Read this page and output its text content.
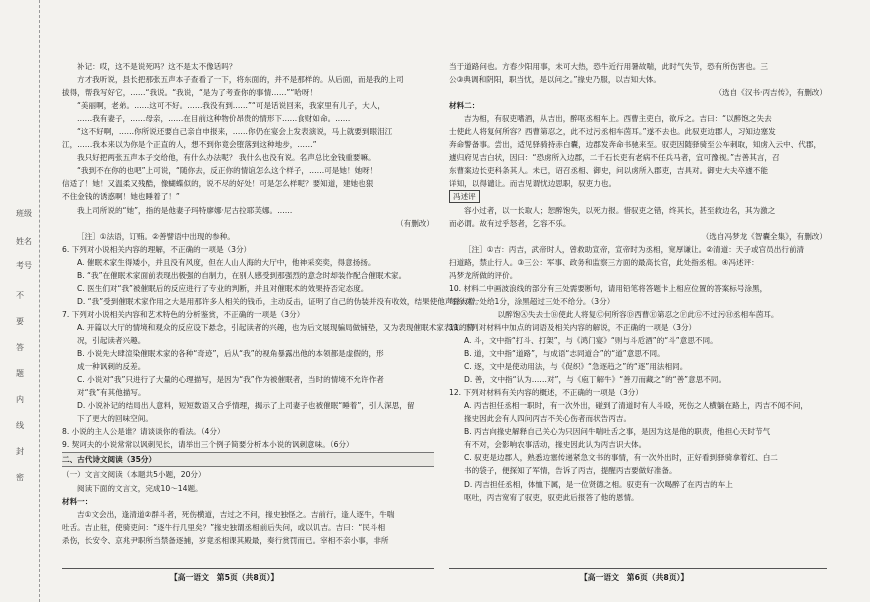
班级
姓名
考号
不
要
答
题
内
线
封
密
补记：哎，这不是说死吗？这不是太不像话吗？
方才我听说，县长把那张五声本子查看了一下，将东面的，并不是那样的。从后面，而是我的上司
拔得，帮我写好它，……“我说。“我说，“是为了考查你的事情……”“哈呀！
“美丽啊，老弟。……这可不好。……我没有到……”“可是话说回来，我家里有儿子，大人，
……我有妻子，……母亲，……在目前这种物价昂贵的情形下……食财如命。……
“这不好啊，……你所说还要自己亲自申报来，……你仍在宴会上发表演说，马上就要到眼泪江
江，……我本来以为你是个正直的人，想不到你竟会堕落到这种地步，……”
我只好把两张五声本子交给他，有什么办法呢？ 我什么也没有说。名声总比金钱重要嘛。
“我到不在你的也吧”上可说，“随你去，反正你的情谊怎么这个样子，……可是她！她呀！
信适了！她！又温柔又残酷，像蝴蝶似的，说不尽的好处！可是怎么样呢？要知道，建她也狠
不住金钱的诱惑啊！她也睡着了！”
我上司所说的“她”，指的是他妻子玛特廖娜·尼古拉耶芙娜。……
（有删改）
［注］①法语，订贿。②善譬语中出现的参种。
6. 下列对小说相关内容的理解，不正确的一项是（3分）
A. 催眠术家生得矮小，并且没有风度，但在人山人海的大厅中，他神采奕奕，得意扬扬。
B. “我”在催眠术家面前表现出极强的自制力，在别人感受到那强烈的意念时却装作配合催眠术家。
C. 医生们对“我”被催眠后的反应进行了专业的判断，并且对催眠术的效果持否定态度。
D. “我”受到催眠术家作用之大是用那许多人相关的钱币，主动反击，证明了自己的伪装并没有收效，结果使他声誉大增。
7. 下列对小说相关内容和艺术特色的分析鉴赏，不正确的一项是（3分）
A. 开篇以大厅的情境和观众的反应设下悬念，引起读者的兴趣，也为后文展现骗局做铺垫，又为表现催眠术家表演的情
况，引起读者兴趣。
B. 小说先大肆渲染催眠术家的各种“奇迹”，后从“我”的视角暴露出他的本领都是虚假的，形
成一种讽刺的反差。
C. 小说对“我”只进行了大量的心理描写，是因为“我”作为被催眠者，当时的情境不允许作者
对“我”有其他描写。
D. 小说补记的结局出人意料，短短数语又合乎情理，揭示了上司妻子也被催眠“睡着”，引人深思，留
下了更大的回味空间。
8. 小说的主人公是谁？请谈谈你的看法。（4分）
9. 契诃夫的小说常常以讽刺见长，请举出三个例子简要分析本小说的讽刺意味。（6分）
二、古代诗文阅读（35分）
（一）文言文阅读（本题共5小题，20分）
阅读下面的文言文，完成10～14题。
材料一：
吉①文会出，逢清道②群斗者，死伤横道，吉过之不问，掾史独怪之。吉前行，逢人逐牛，牛喘
吐舌。吉止驻，使骑吏问：“逐牛行几里矣？”掾史独谓丞相前后失问，或以讥吉。吉曰：“民斗相
杀伤，长安令、京兆尹职所当禁备逐捕，岁竟丞相课其殿最，奏行赏罚而已。宰相不亲小事，非所
当于道路问也。方春少阳用事，未可大热，恐牛近行用暑故喘，此时气失节，恐有所伤害也。三
公③典调和阴阳，职当忧，是以问之。”掾史乃服，以吉知大体。
（选自《汉书·丙吉传》，有删改）
材料二：
吉为相，有驭吏嗜酒，从吉出，醉呕丞相车上。西曹主吏白，欲斥之。吉曰：“以醉饱之失去
士使此人将复何所容？西曹第忍之，此不过污丞相车茵耳。”遂不去也。此驭吏边郡人，习知边塞发
奔命警备事。尝出，适见驿骑持赤白囊，边郡发奔命书驰来至。驭吏因随驿骑至公车刺取，知虏入云中、代郡，
遽归府见吉白状，因曰：“恐虏所入边郡，二千石长吏有老病不任兵马者，宜可豫视。”吉善其言，召
东曹案边长吏科条其人。未已，诏召丞相、御史，问以虏所入郡吏，吉具对。御史大夫卒遽不能
详知，以得谴让。而吉见谓忧边思职，驭吏力也。
冯述评
容小过者，以一长取人；恕醉饱失，以死力报。惜驭吏之错，终其长，甚至救边名，其为激之
而必谓。故有过乎怒者，乞容不乐。
（选自冯梦龙《智囊全集》，有删改）
［注］①吉：丙吉，武帝时人，曾救助宣帝，宣帝时为丞相，宽厚谦让。②清道：天子或官员出行前清
扫道路，禁止行人。③三公：军事、政务和监察三方面的最高长官，此处指丞相。④冯述评：
冯梦龙所做的评价。
10. 材料二中画波浪线的部分有三处需要断句，请用铅笔将答题卡上相应位置的答案标号涂黑，
每涂对一处给1分，涂黑超过三处不给分。（3分）
以醉饱Ⓐ失去士Ⓑ使此人将复Ⓒ何所容Ⓓ西曹Ⓔ第忍之Ⓕ此Ⓖ不过污Ⓗ丞相车茵耳。
11. 下列对材料中加点的词语及相关内容的解说，不正确的一项是（3分）
A. 斗，文中指“打斗、打架”，与《鸿门宴》“则与斗卮酒”的“斗”意思不同。
B. 道，文中指“道路”，与成语“志同道合”的“道”意思不同。
C. 逐，文中是使动用法，与《促织》“急逐趋之”的“逐”用法相同。
D. 善，文中指“认为……对”，与《庖丁解牛》“善刀而藏之”的“善”意思不同。
12. 下列对材料有关内容的概述，不正确的一项是（3分）
A. 丙吉担任丞相一职时，有一次外出，碰到了清道时有人斗殴，死伤之人横躺在路上，丙吉不闻不问，
掾史因此会有人四问丙吉不关心伤者而状告丙吉。
B. 丙吉向掾史解释自己关心为只因问牛喘吐舌之事，是因为这是他的职责，他担心天时节气
有不对，会影响农事活动，掾史因此认为丙吉识大体。
C. 驭吏是边郡人，熟悉边塞传递紧急文书的事情，有一次外出时，正好看到驿骑拿着红、白二
书的袋子，便探知了军情，告诉了丙吉，提醒丙吉要做好准备。
D. 丙吉担任丞相，体恤下属，是一位贤德之相。驭吏有一次喝醉了在丙吉的车上
呕吐，丙吉宽宥了驭吏，驭吏此后报答了他的恩情。
【高一语文　第5页（共8页）】	【高一语文　第6页（共8页）】
